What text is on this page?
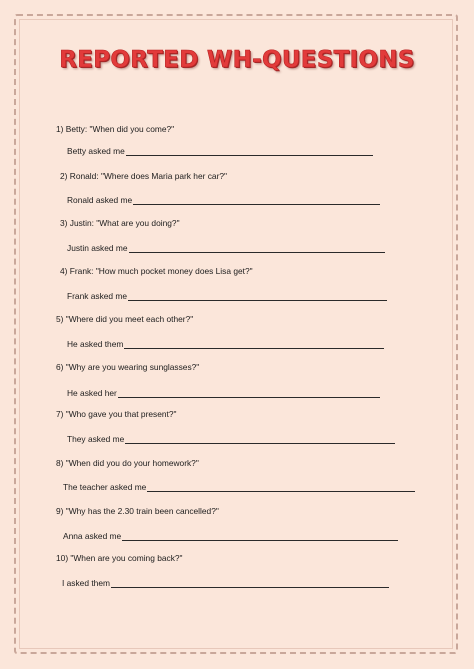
REPORTED WH-QUESTIONS
1) Betty: "When did you come?"
Betty asked me
2) Ronald: "Where does Maria park her car?"
Ronald asked me
3) Justin: "What are you doing?"
Justin asked me
4) Frank: "How much pocket money does Lisa get?"
Frank asked me
5) "Where did you meet each other?"
He asked them
6) "Why are you wearing sunglasses?"
He asked her
7) "Who gave you that present?"
They asked me
8) "When did you do your homework?"
The teacher asked me
9) "Why has the 2.30 train been cancelled?"
Anna asked me
10) "When are you coming back?"
I asked them
